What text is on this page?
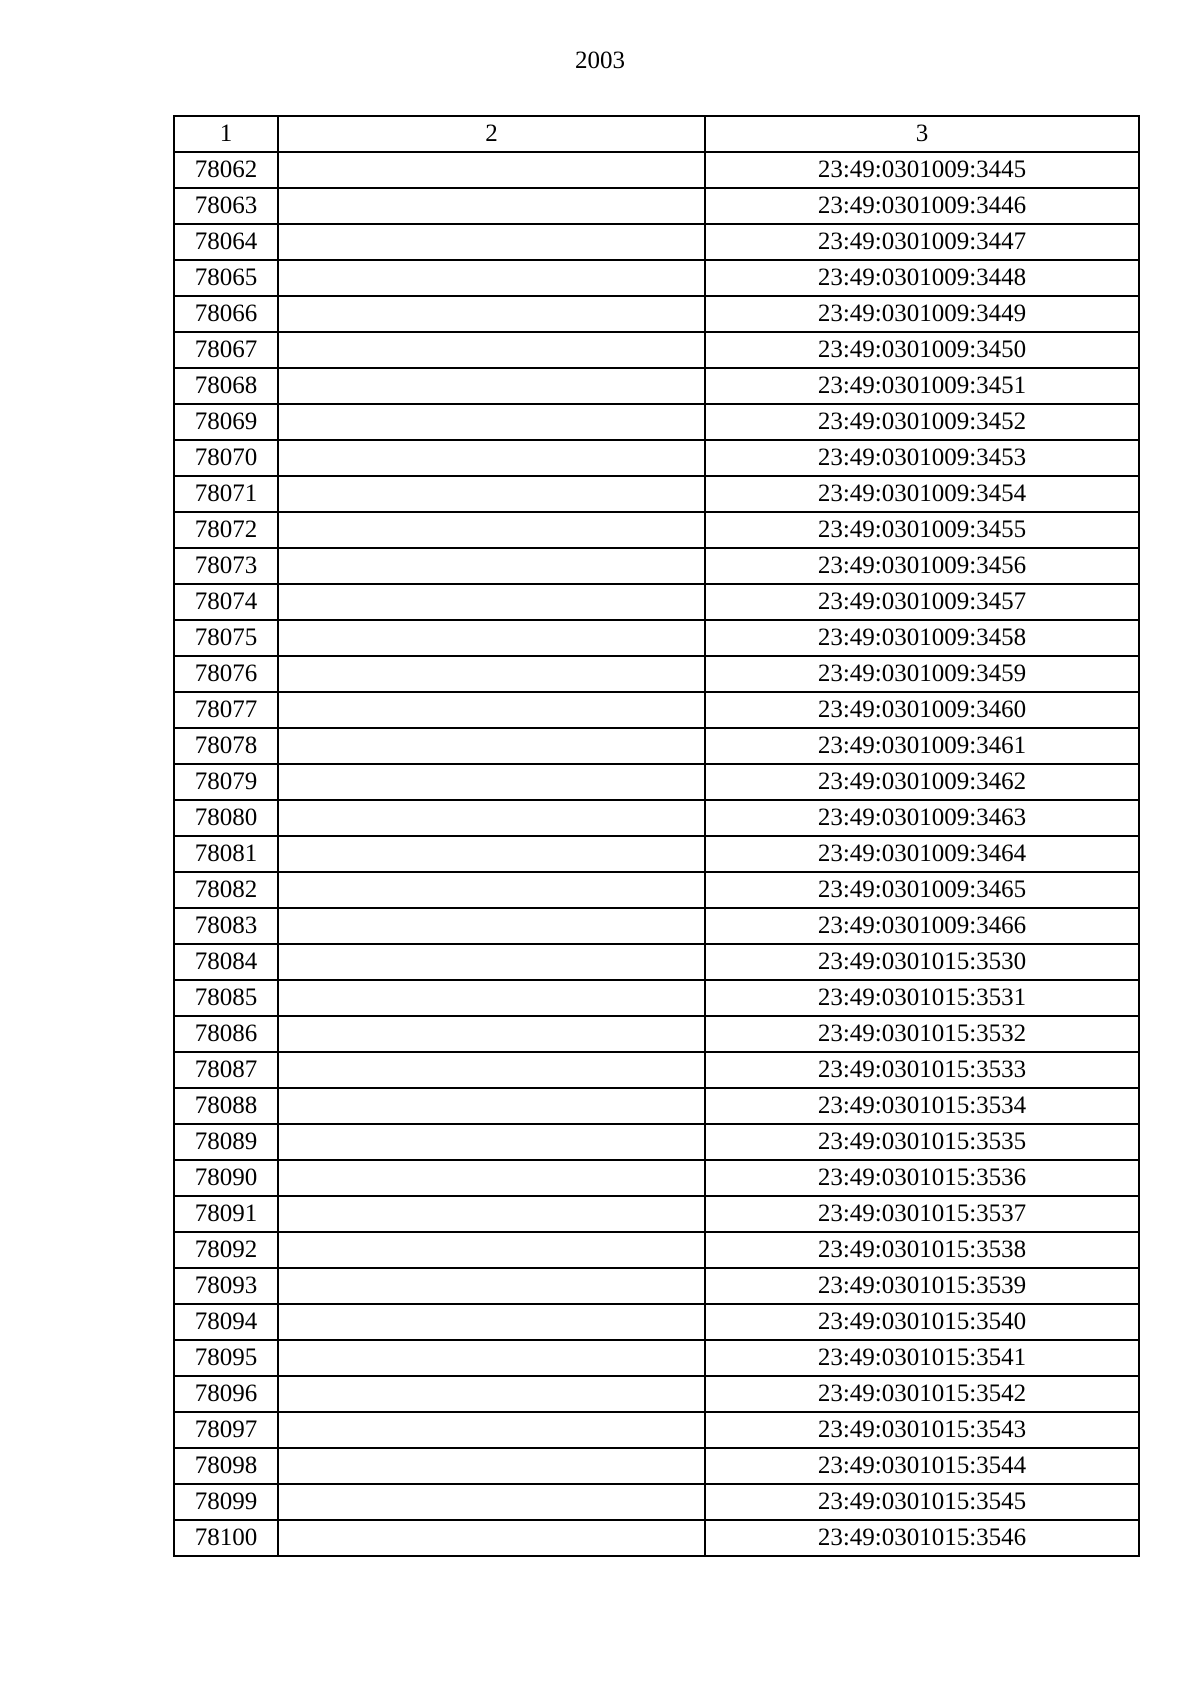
2003
1	2	3
78062		23:49:0301009:3445
78063		23:49:0301009:3446
78064		23:49:0301009:3447
78065		23:49:0301009:3448
78066		23:49:0301009:3449
78067		23:49:0301009:3450
78068		23:49:0301009:3451
78069		23:49:0301009:3452
78070		23:49:0301009:3453
78071		23:49:0301009:3454
78072		23:49:0301009:3455
78073		23:49:0301009:3456
78074		23:49:0301009:3457
78075		23:49:0301009:3458
78076		23:49:0301009:3459
78077		23:49:0301009:3460
78078		23:49:0301009:3461
78079		23:49:0301009:3462
78080		23:49:0301009:3463
78081		23:49:0301009:3464
78082		23:49:0301009:3465
78083		23:49:0301009:3466
78084		23:49:0301015:3530
78085		23:49:0301015:3531
78086		23:49:0301015:3532
78087		23:49:0301015:3533
78088		23:49:0301015:3534
78089		23:49:0301015:3535
78090		23:49:0301015:3536
78091		23:49:0301015:3537
78092		23:49:0301015:3538
78093		23:49:0301015:3539
78094		23:49:0301015:3540
78095		23:49:0301015:3541
78096		23:49:0301015:3542
78097		23:49:0301015:3543
78098		23:49:0301015:3544
78099		23:49:0301015:3545
78100		23:49:0301015:3546
